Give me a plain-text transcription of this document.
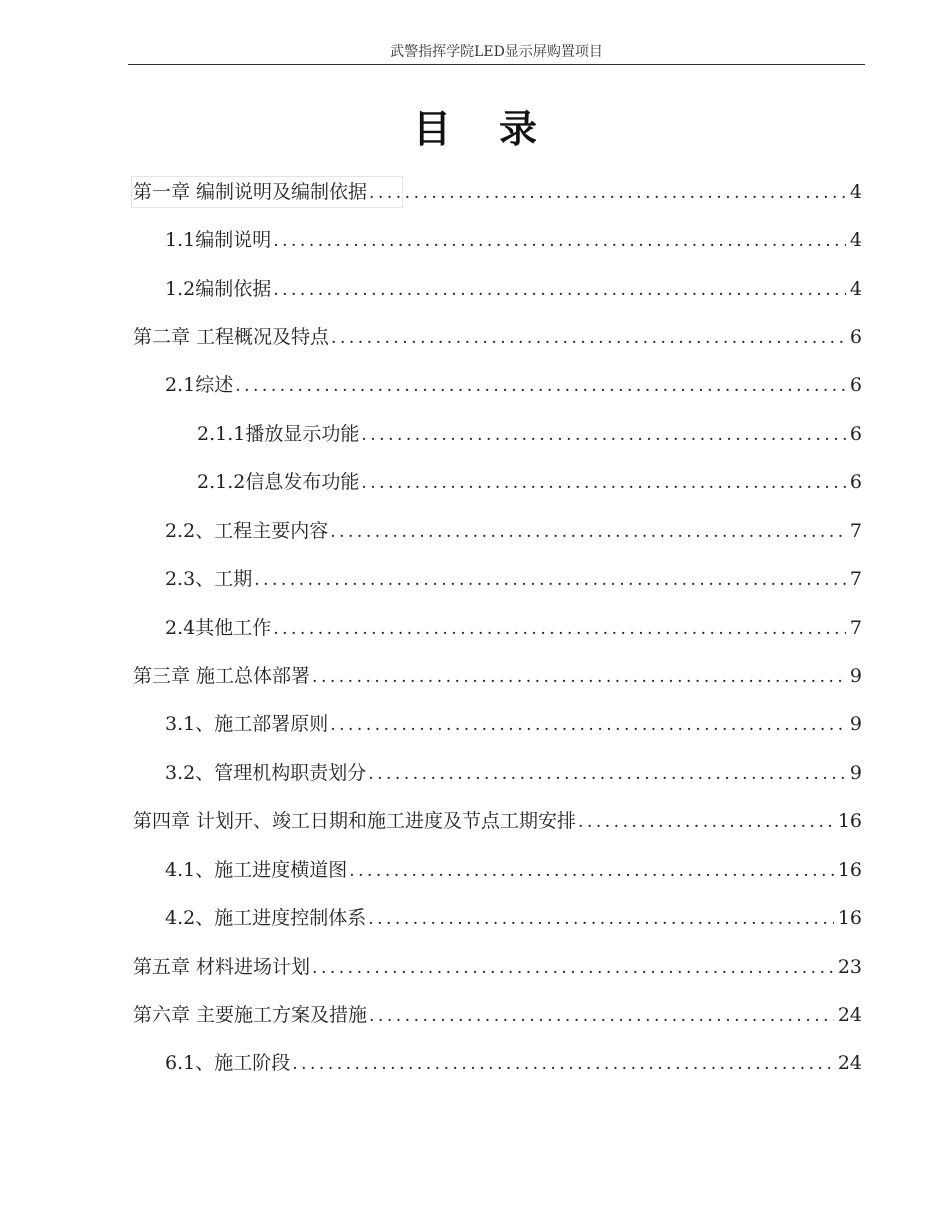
武警指挥学院LED显示屏购置项目
目录
第一章 编制说明及编制依据 .....	4
1.1编制说明 .....	4
1.2编制依据 .....	4
第二章 工程概况及特点 .....	6
2.1综述 .....	6
2.1.1播放显示功能 .....	6
2.1.2信息发布功能 .....	6
2.2、工程主要内容 .....	7
2.3、工期 .....	7
2.4其他工作 .....	7
第三章 施工总体部署 .....	9
3.1、施工部署原则 .....	9
3.2、管理机构职责划分 .....	9
第四章 计划开、竣工日期和施工进度及节点工期安排 .....	16
4.1、施工进度横道图 .....	16
4.2、施工进度控制体系 .....	16
第五章 材料进场计划 .....	23
第六章 主要施工方案及措施 .....	24
6.1、施工阶段 .....	24
